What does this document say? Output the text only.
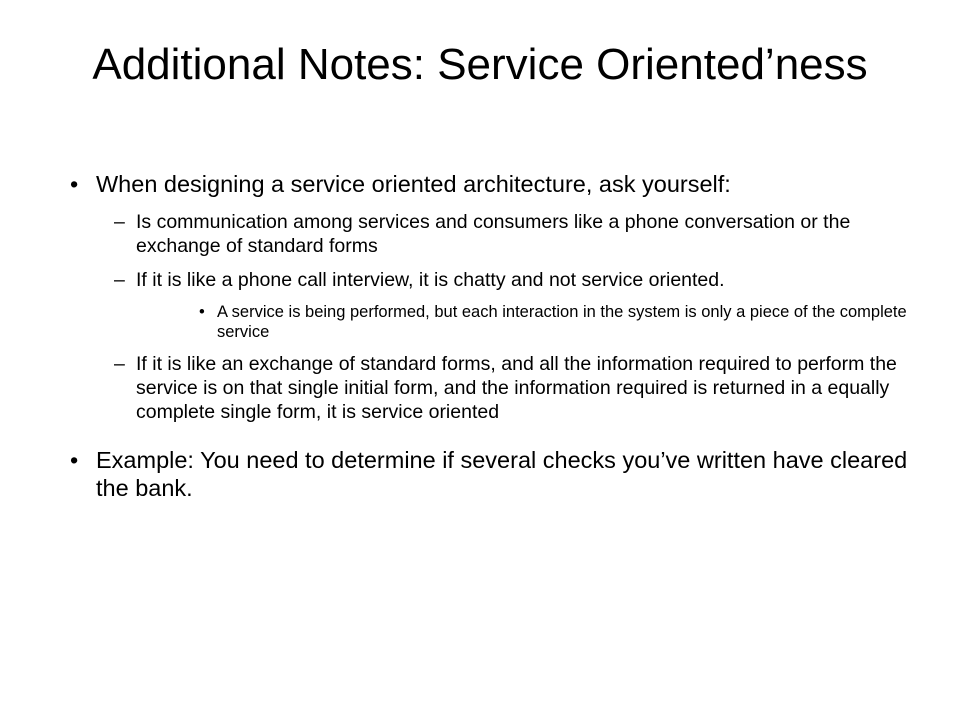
Additional Notes: Service Oriented’ness
• When designing a service oriented architecture, ask yourself:
– Is communication among services and consumers like a phone conversation or the exchange of standard forms
– If it is like a phone call interview, it is chatty and not service oriented.
• A service is being performed, but each interaction in the system is only a piece of the complete service
– If it is like an exchange of standard forms, and all the information required to perform the service is on that single initial form, and the information required is returned in a equally complete single form, it is service oriented
• Example: You need to determine if several checks you’ve written have cleared the bank.
